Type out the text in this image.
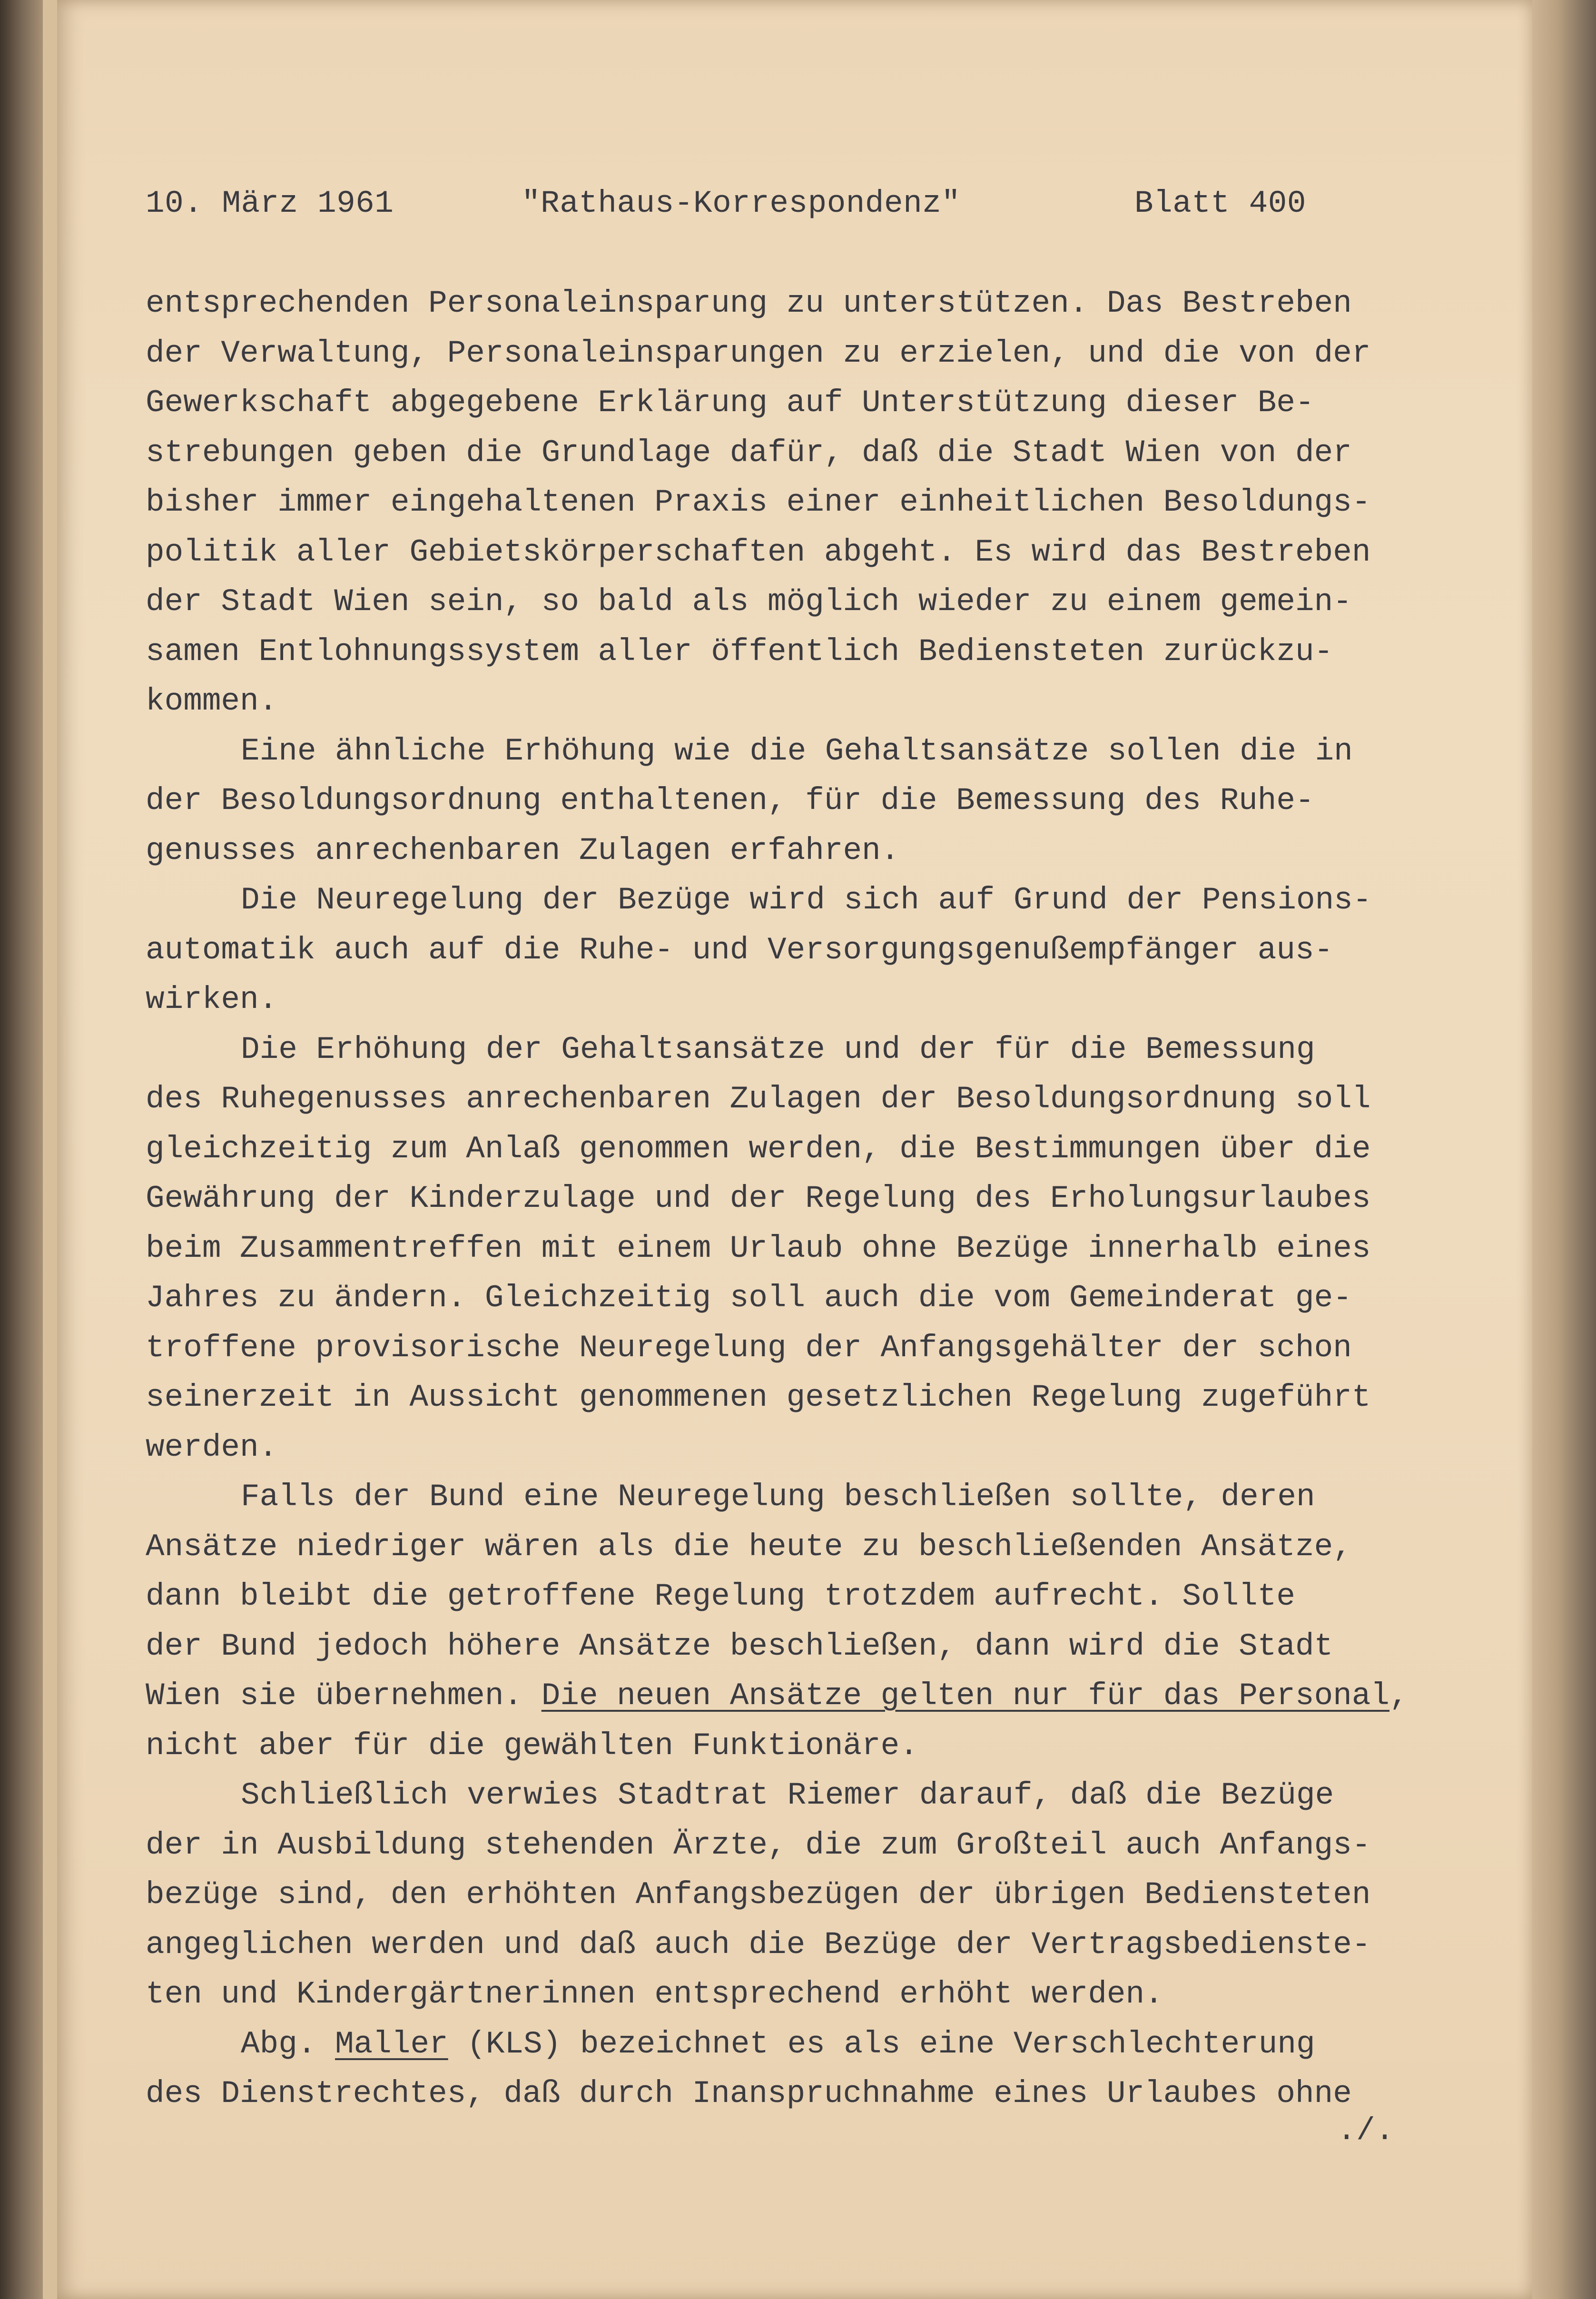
10. März 1961	"Rathaus-Korrespondenz"	Blatt 400
entsprechenden Personaleinsparung zu unterstützen. Das Bestreben
der Verwaltung, Personaleinsparungen zu erzielen, und die von der
Gewerkschaft abgegebene Erklärung auf Unterstützung dieser Be-
strebungen geben die Grundlage dafür, daß die Stadt Wien von der
bisher immer eingehaltenen Praxis einer einheitlichen Besoldungs-
politik aller Gebietskörperschaften abgeht. Es wird das Bestreben
der Stadt Wien sein, so bald als möglich wieder zu einem gemein-
samen Entlohnungssystem aller öffentlich Bediensteten zurückzu-
kommen.
Eine ähnliche Erhöhung wie die Gehaltsansätze sollen die in
der Besoldungsordnung enthaltenen, für die Bemessung des Ruhe-
genusses anrechenbaren Zulagen erfahren.
Die Neuregelung der Bezüge wird sich auf Grund der Pensions-
automatik auch auf die Ruhe- und Versorgungsgenußempfänger aus-
wirken.
Die Erhöhung der Gehaltsansätze und der für die Bemessung
des Ruhegenusses anrechenbaren Zulagen der Besoldungsordnung soll
gleichzeitig zum Anlaß genommen werden, die Bestimmungen über die
Gewährung der Kinderzulage und der Regelung des Erholungsurlaubes
beim Zusammentreffen mit einem Urlaub ohne Bezüge innerhalb eines
Jahres zu ändern. Gleichzeitig soll auch die vom Gemeinderat ge-
troffene provisorische Neuregelung der Anfangsgehälter der schon
seinerzeit in Aussicht genommenen gesetzlichen Regelung zugeführt
werden.
Falls der Bund eine Neuregelung beschließen sollte, deren
Ansätze niedriger wären als die heute zu beschließenden Ansätze,
dann bleibt die getroffene Regelung trotzdem aufrecht. Sollte
der Bund jedoch höhere Ansätze beschließen, dann wird die Stadt
Wien sie übernehmen. Die neuen Ansätze gelten nur für das Personal,
nicht aber für die gewählten Funktionäre.
Schließlich verwies Stadtrat Riemer darauf, daß die Bezüge
der in Ausbildung stehenden Ärzte, die zum Großteil auch Anfangs-
bezüge sind, den erhöhten Anfangsbezügen der übrigen Bediensteten
angeglichen werden und daß auch die Bezüge der Vertragsbedienste-
ten und Kindergärtnerinnen entsprechend erhöht werden.
Abg. Maller (KLS) bezeichnet es als eine Verschlechterung
des Dienstrechtes, daß durch Inanspruchnahme eines Urlaubes ohne
./.
